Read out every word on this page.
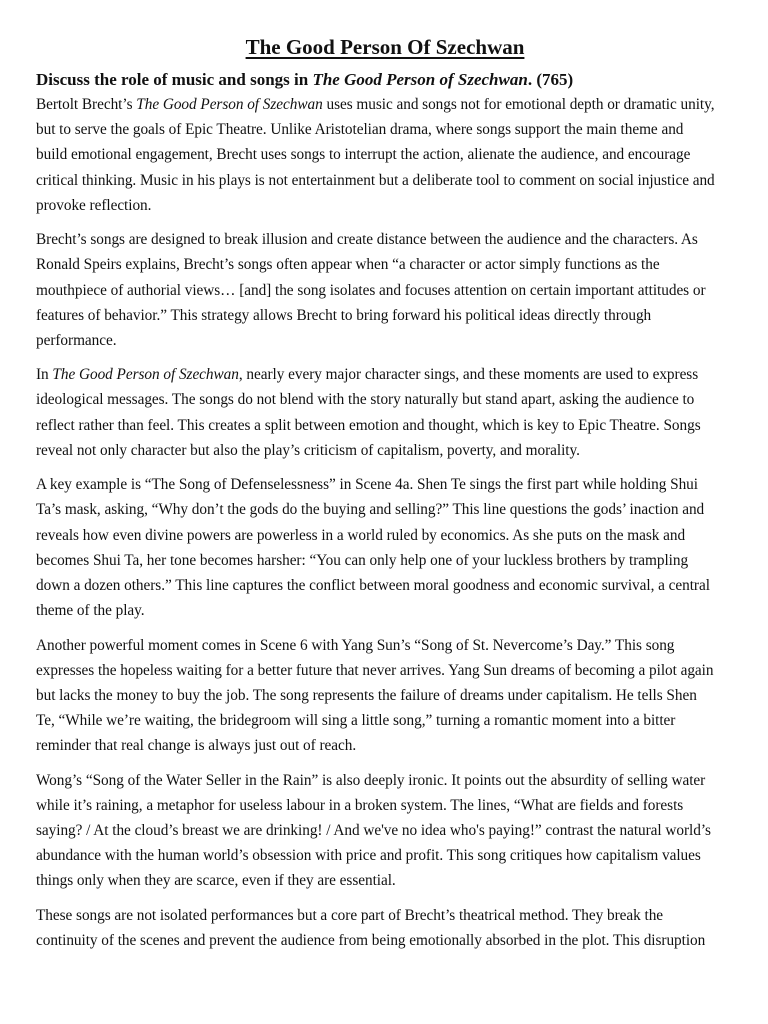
The Good Person Of Szechwan
Discuss the role of music and songs in The Good Person of Szechwan. (765)

Bertolt Brecht’s The Good Person of Szechwan uses music and songs not for emotional depth or dramatic unity,
but to serve the goals of Epic Theatre. Unlike Aristotelian drama, where songs support the main theme and
build emotional engagement, Brecht uses songs to interrupt the action, alienate the audience, and encourage
critical thinking. Music in his plays is not entertainment but a deliberate tool to comment on social injustice and
provoke reflection.

Brecht’s songs are designed to break illusion and create distance between the audience and the characters. As
Ronald Speirs explains, Brecht’s songs often appear when “a character or actor simply functions as the
mouthpiece of authorial views… [and] the song isolates and focuses attention on certain important attitudes or
features of behavior.” This strategy allows Brecht to bring forward his political ideas directly through
performance.

In The Good Person of Szechwan, nearly every major character sings, and these moments are used to express
ideological messages. The songs do not blend with the story naturally but stand apart, asking the audience to
reflect rather than feel. This creates a split between emotion and thought, which is key to Epic Theatre. Songs
reveal not only character but also the play’s criticism of capitalism, poverty, and morality.

A key example is “The Song of Defenselessness” in Scene 4a. Shen Te sings the first part while holding Shui
Ta’s mask, asking, “Why don’t the gods do the buying and selling?” This line questions the gods’ inaction and
reveals how even divine powers are powerless in a world ruled by economics. As she puts on the mask and
becomes Shui Ta, her tone becomes harsher: “You can only help one of your luckless brothers by trampling
down a dozen others.” This line captures the conflict between moral goodness and economic survival, a central
theme of the play.

Another powerful moment comes in Scene 6 with Yang Sun’s “Song of St. Nevercome’s Day.” This song
expresses the hopeless waiting for a better future that never arrives. Yang Sun dreams of becoming a pilot again
but lacks the money to buy the job. The song represents the failure of dreams under capitalism. He tells Shen
Te, “While we’re waiting, the bridegroom will sing a little song,” turning a romantic moment into a bitter
reminder that real change is always just out of reach.

Wong’s “Song of the Water Seller in the Rain” is also deeply ironic. It points out the absurdity of selling water
while it’s raining, a metaphor for useless labour in a broken system. The lines, “What are fields and forests
saying? / At the cloud’s breast we are drinking! / And we've no idea who's paying!” contrast the natural world’s
abundance with the human world’s obsession with price and profit. This song critiques how capitalism values
things only when they are scarce, even if they are essential.

These songs are not isolated performances but a core part of Brecht’s theatrical method. They break the
continuity of the scenes and prevent the audience from being emotionally absorbed in the plot. This disruption
